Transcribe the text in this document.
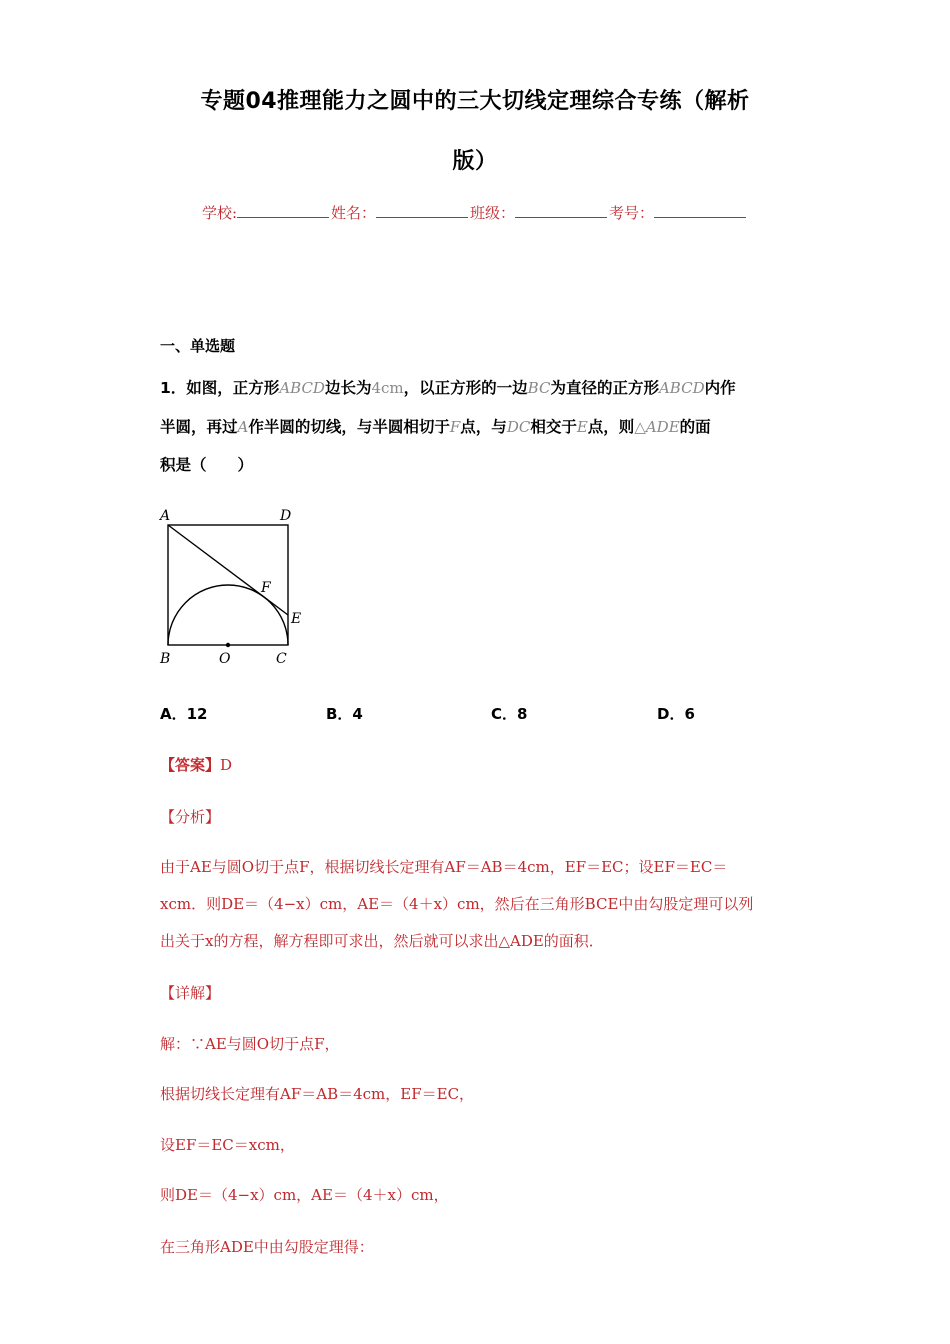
专题04推理能力之圆中的三大切线定理综合专练（解析
版）
学校:	姓名：	班级：	考号：
一、单选题
1．如图，正方形ABCD边长为4cm，以正方形的一边BC为直径的正方形ABCD内作
半圆，再过A作半圆的切线，与半圆相切于F点，与DC相交于E点，则△ADE的面
积是（　　）
A	D
F
E
B	O	C
A．12	B．4	C．8	D．6
【答案】D
【分析】
由于AE与圆O切于点F，根据切线长定理有AF＝AB＝4cm，EF＝EC；设EF＝EC＝
xcm．则DE＝（4−x）cm，AE＝（4＋x）cm，然后在三角形BCE中由勾股定理可以列
出关于x的方程，解方程即可求出，然后就可以求出△ADE的面积．
【详解】
解：∵AE与圆O切于点F，
根据切线长定理有AF＝AB＝4cm，EF＝EC，
设EF＝EC＝xcm，
则DE＝（4−x）cm，AE＝（4＋x）cm，
在三角形ADE中由勾股定理得：
